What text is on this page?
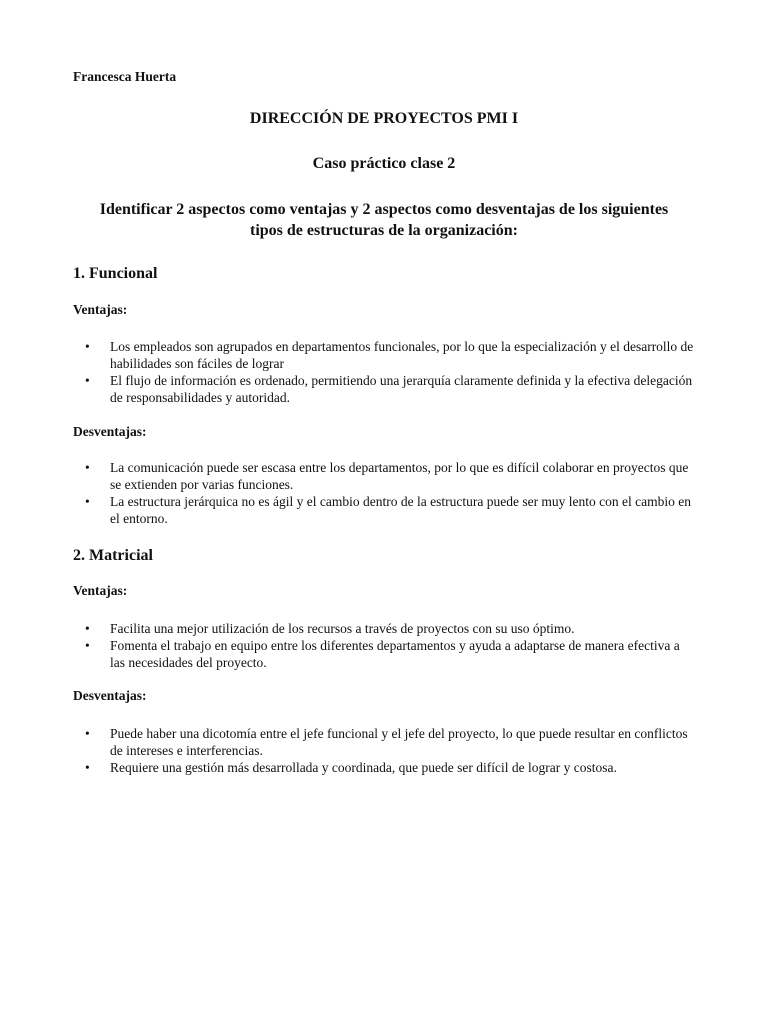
Francesca Huerta
DIRECCIÓN DE PROYECTOS PMI I
Caso práctico clase 2
Identificar 2 aspectos como ventajas y 2 aspectos como desventajas de los siguientes tipos de estructuras de la organización:
1. Funcional
Ventajas:
• Los empleados son agrupados en departamentos funcionales, por lo que la especialización y el desarrollo de habilidades son fáciles de lograr
• El flujo de información es ordenado, permitiendo una jerarquía claramente definida y la efectiva delegación de responsabilidades y autoridad.
Desventajas:
• La comunicación puede ser escasa entre los departamentos, por lo que es difícil colaborar en proyectos que se extienden por varias funciones.
• La estructura jerárquica no es ágil y el cambio dentro de la estructura puede ser muy lento con el cambio en el entorno.
2. Matricial
Ventajas:
• Facilita una mejor utilización de los recursos a través de proyectos con su uso óptimo.
• Fomenta el trabajo en equipo entre los diferentes departamentos y ayuda a adaptarse de manera efectiva a las necesidades del proyecto.
Desventajas:
• Puede haber una dicotomía entre el jefe funcional y el jefe del proyecto, lo que puede resultar en conflictos de intereses e interferencias.
• Requiere una gestión más desarrollada y coordinada, que puede ser difícil de lograr y costosa.
